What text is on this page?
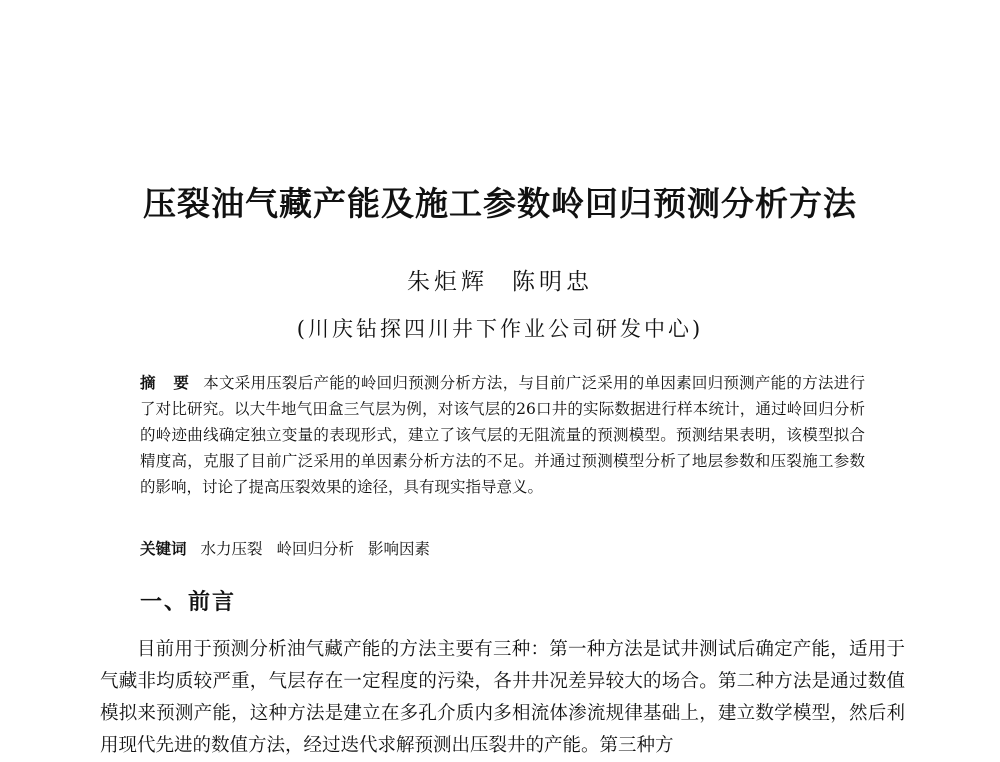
压裂油气藏产能及施工参数岭回归预测分析方法
朱炬辉 陈明忠
(川庆钻探四川井下作业公司研发中心)
摘 要 本文采用压裂后产能的岭回归预测分析方法，与目前广泛采用的单因素回归预测产能的方法进行了对比研究。以大牛地气田盒三气层为例，对该气层的26口井的实际数据进行样本统计，通过岭回归分析的岭迹曲线确定独立变量的表现形式，建立了该气层的无阻流量的预测模型。预测结果表明，该模型拟合精度高，克服了目前广泛采用的单因素分析方法的不足。并通过预测模型分析了地层参数和压裂施工参数的影响，讨论了提高压裂效果的途径，具有现实指导意义。
关键词 水力压裂 岭回归分析 影响因素
一、前言
目前用于预测分析油气藏产能的方法主要有三种：第一种方法是试井测试后确定产能，适用于气藏非均质较严重，气层存在一定程度的污染，各井井况差异较大的场合。第二种方法是通过数值模拟来预测产能，这种方法是建立在多孔介质内多相流体渗流规律基础上，建立数学模型，然后利用现代先进的数值方法，经过迭代求解预测出压裂井的产能。第三种方
